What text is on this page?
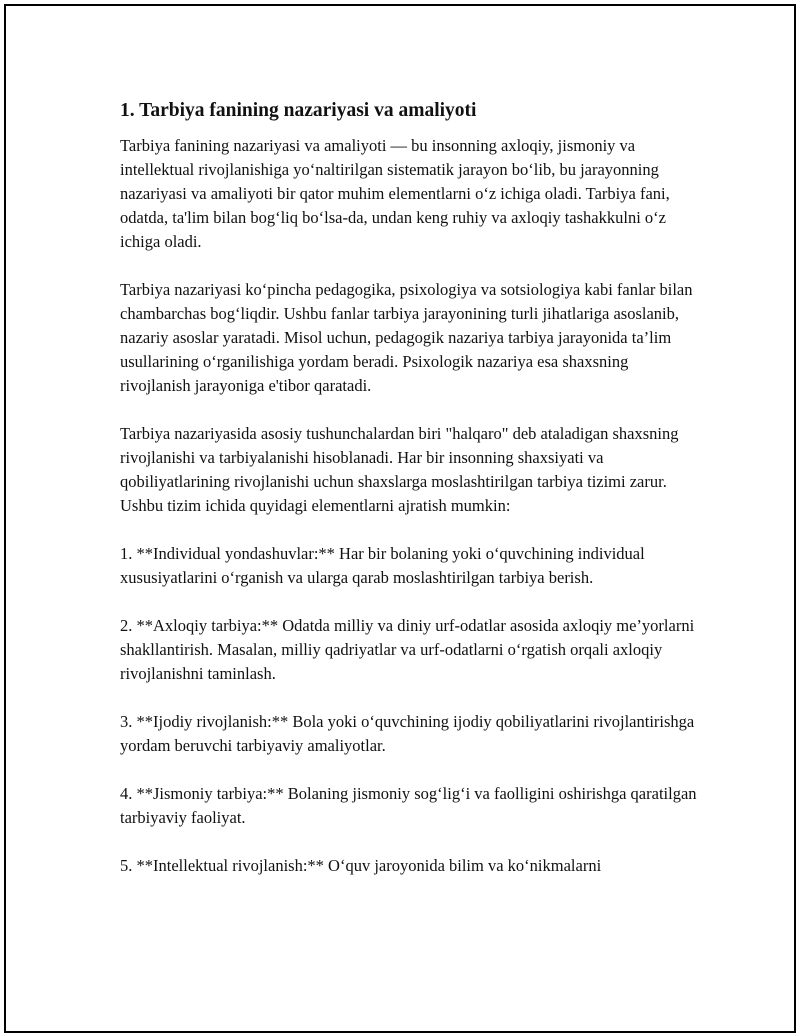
1. Tarbiya fanining nazariyasi va amaliyoti

Tarbiya fanining nazariyasi va amaliyoti — bu insonning axloqiy, jismoniy va intellektual rivojlanishiga yo‘naltirilgan sistematik jarayon bo‘lib, bu jarayonning nazariyasi va amaliyoti bir qator muhim elementlarni o‘z ichiga oladi. Tarbiya fani, odatda, ta'lim bilan bog‘liq bo‘lsa-da, undan keng ruhiy va axloqiy tashakkulni o‘z ichiga oladi.

Tarbiya nazariyasi ko‘pincha pedagogika, psixologiya va sotsiologiya kabi fanlar bilan chambarchas bog‘liqdir. Ushbu fanlar tarbiya jarayonining turli jihatlariga asoslanib, nazariy asoslar yaratadi. Misol uchun, pedagogik nazariya tarbiya jarayonida ta’lim usullarining o‘rganilishiga yordam beradi. Psixologik nazariya esa shaxsning rivojlanish jarayoniga e'tibor qaratadi.

Tarbiya nazariyasida asosiy tushunchalardan biri "halqaro" deb ataladigan shaxsning rivojlanishi va tarbiyalanishi hisoblanadi. Har bir insonning shaxsiyati va qobiliyatlarining rivojlanishi uchun shaxslarga moslashtirilgan tarbiya tizimi zarur. Ushbu tizim ichida quyidagi elementlarni ajratish mumkin:

1. **Individual yondashuvlar:** Har bir bolaning yoki o‘quvchining individual xususiyatlarini o‘rganish va ularga qarab moslashtirilgan tarbiya berish.

2. **Axloqiy tarbiya:** Odatda milliy va diniy urf-odatlar asosida axloqiy me’yorlarni shakllantirish. Masalan, milliy qadriyatlar va urf-odatlarni o‘rgatish orqali axloqiy rivojlanishni taminlash.

3. **Ijodiy rivojlanish:** Bola yoki o‘quvchining ijodiy qobiliyatlarini rivojlantirishga yordam beruvchi tarbiyaviy amaliyotlar.

4. **Jismoniy tarbiya:** Bolaning jismoniy sog‘lig‘i va faolligini oshirishga qaratilgan tarbiyaviy faoliyat.

5. **Intellektual rivojlanish:** O‘quv jaroyonida bilim va ko‘nikmalarni
